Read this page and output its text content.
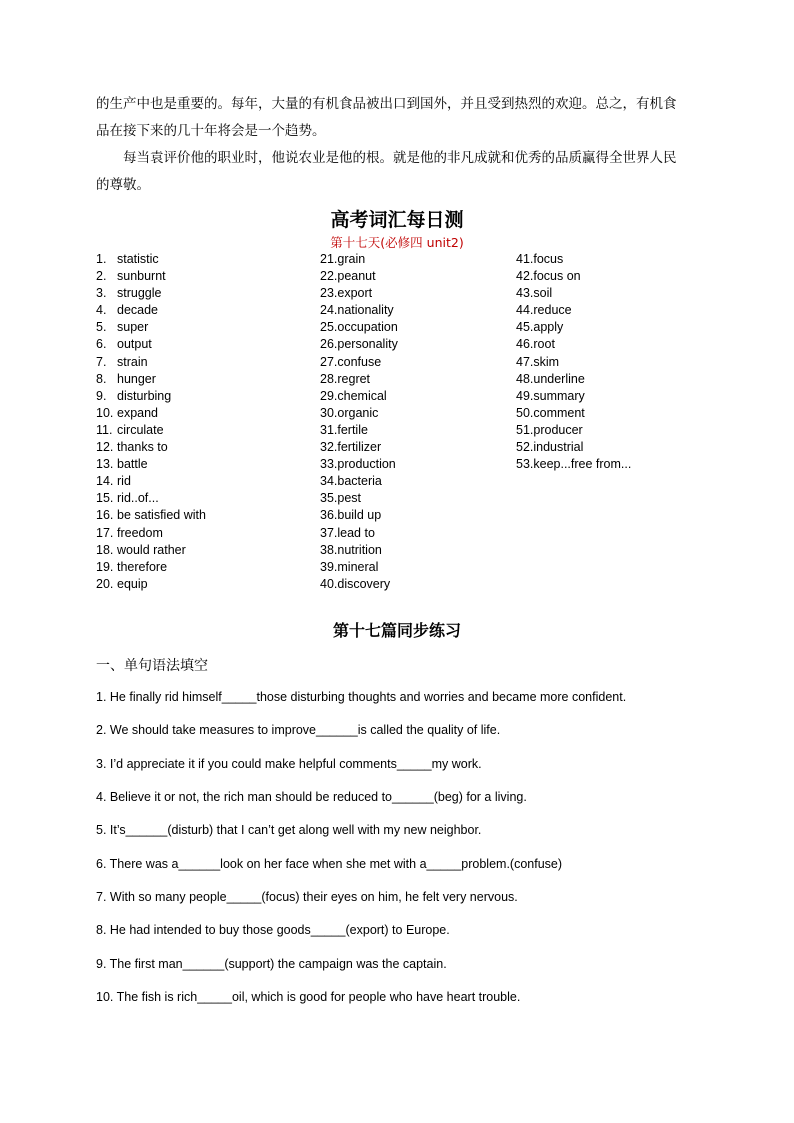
的生产中也是重要的。每年，大量的有机食品被出口到国外，并且受到热烈的欢迎。总之，有机食

品在接下来的几十年将会是一个趋势。

每当袁评价他的职业时，他说农业是他的根。就是他的非凡成就和优秀的品质赢得全世界人民

的尊敬。

高考词汇每日测
第十七天(必修四 unit2)
1. statistic
2. sunburnt
3. struggle
4. decade
5. super
6. output
7. strain
8. hunger
9. disturbing
10. expand
11. circulate
12. thanks to
13. battle
14. rid
15. rid..of...
16. be satisfied with
17. freedom
18. would rather
19. therefore
20. equip
21.grain
22.peanut
23.export
24.nationality
25.occupation
26.personality
27.confuse
28.regret
29.chemical
30.organic
31.fertile
32.fertilizer
33.production
34.bacteria
35.pest
36.build up
37.lead to
38.nutrition
39.mineral
40.discovery
41.focus
42.focus on
43.soil
44.reduce
45.apply
46.root
47.skim
48.underline
49.summary
50.comment
51.producer
52.industrial
53.keep...free from...
第十七篇同步练习
一、单句语法填空
1. He finally rid himself_____those disturbing thoughts and worries and became more confident.
2. We should take measures to improve______is called the quality of life.
3. I’d appreciate it if you could make helpful comments_____my work.
4. Believe it or not, the rich man should be reduced to______(beg) for a living.
5. It’s______(disturb) that I can’t get along well with my new neighbor.
6. There was a______look on her face when she met with a_____problem.(confuse)
7. With so many people_____(focus) their eyes on him, he felt very nervous.
8. He had intended to buy those goods_____(export) to Europe.
9. The first man______(support) the campaign was the captain.
10. The fish is rich_____oil, which is good for people who have heart trouble.
